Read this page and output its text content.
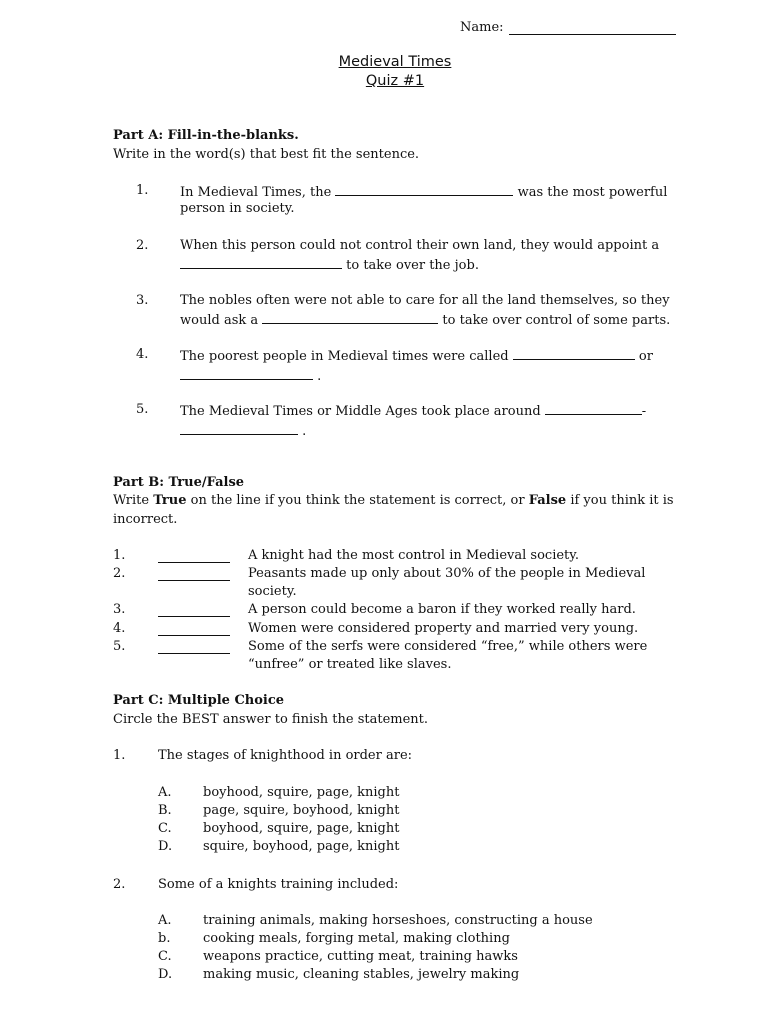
Name:
Medieval Times
Quiz #1
Part A: Fill-in-the-blanks.
Write in the word(s) that best fit the sentence.
1. In Medieval Times, the	was the most powerful
person in society.
2. When this person could not control their own land, they would appoint a
to take over the job.
3. The nobles often were not able to care for all the land themselves, so they
would ask a	to take over control of some parts.
4. The poorest people in Medieval times were called	or
.
5. The Medieval Times or Middle Ages took place around	-
.
Part B: True/False
Write True on the line if you think the statement is correct, or False if you think it is
incorrect.
1.	A knight had the most control in Medieval society.
2.	Peasants made up only about 30% of the people in Medieval
society.
3.	A person could become a baron if they worked really hard.
4.	Women were considered property and married very young.
5.	Some of the serfs were considered “free,” while others were
“unfree” or treated like slaves.
Part C: Multiple Choice
Circle the BEST answer to finish the statement.
1.	The stages of knighthood in order are:
A. boyhood, squire, page, knight
B. page, squire, boyhood, knight
C. boyhood, squire, page, knight
D. squire, boyhood, page, knight
2.	Some of a knights training included:
A. training animals, making horseshoes, constructing a house
b.	cooking meals, forging metal, making clothing
C. weapons practice, cutting meat, training hawks
D. making music, cleaning stables, jewelry making
